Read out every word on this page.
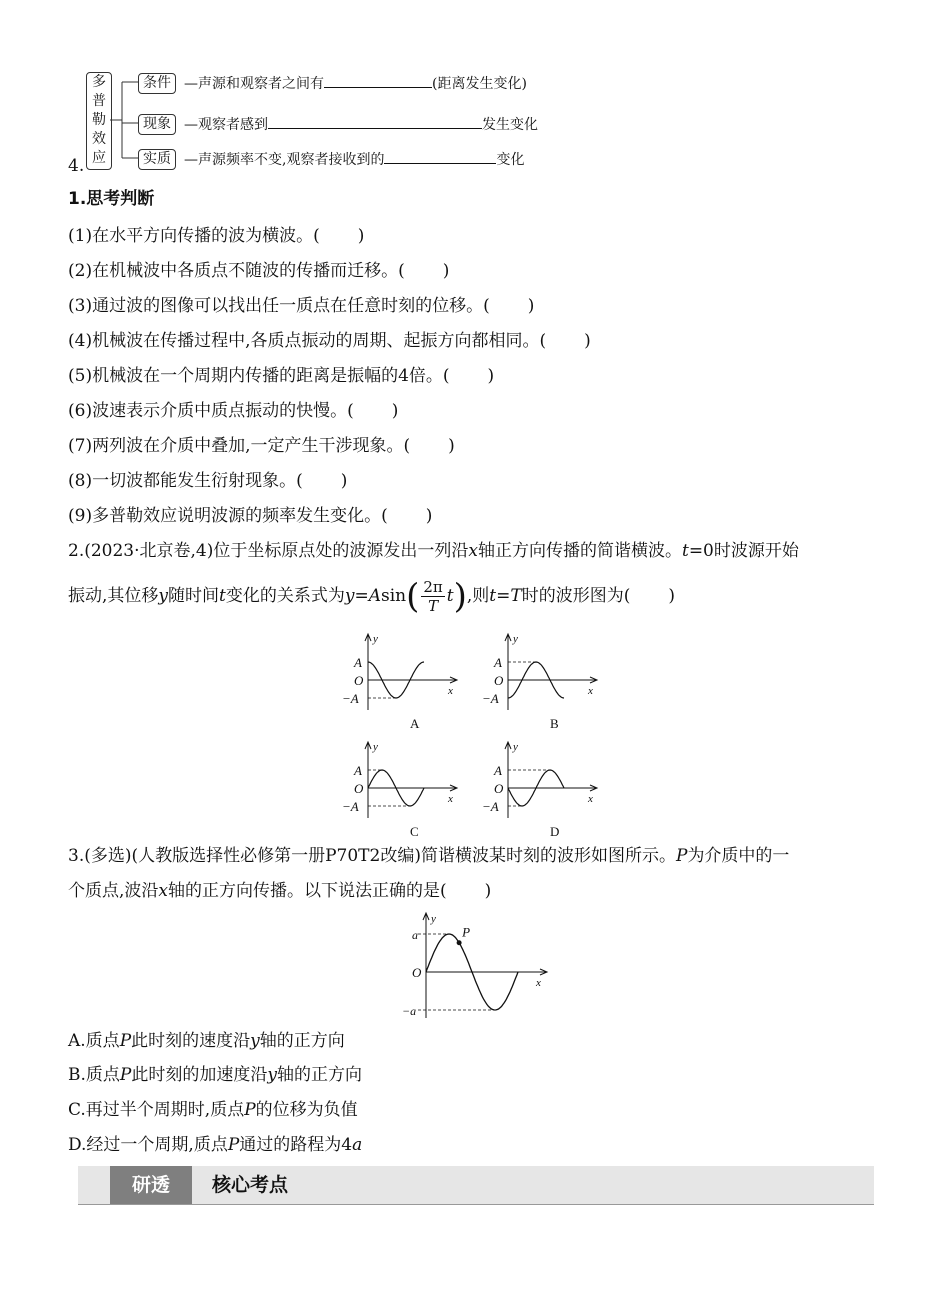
多
普
勒
效
应
4.
条件 —声源和观察者之间有	(距离发生变化)
现象 —观察者感到	发生变化
实质 —声源频率不变,观察者接收到的	变化
1.思考判断
(1)在水平方向传播的波为横波。( )
(2)在机械波中各质点不随波的传播而迁移。( )
(3)通过波的图像可以找出任一质点在任意时刻的位移。( )
(4)机械波在传播过程中,各质点振动的周期、起振方向都相同。( )
(5)机械波在一个周期内传播的距离是振幅的4倍。( )
(6)波速表示介质中质点振动的快慢。( )
(7)两列波在介质中叠加,一定产生干涉现象。( )
(8)一切波都能发生衍射现象。( )
(9)多普勒效应说明波源的频率发生变化。( )
2.(2023·北京卷,4)位于坐标原点处的波源发出一列沿x轴正方向传播的简谐横波。t=0时波源开始
振动,其位移y随时间t变化的关系式为$y=Asin( \frac{2\pi}{T} t)$,则t=T时的波形图为( )
y
x
A
O
−A
A
y
x
A
O
−A
B
y
x
A
O
−A
C
y
x
A
O
−A
D
3.(多选)(人教版选择性必修第一册P70T2改编)简谐横波某时刻的波形如图所示。P为介质中的一
个质点,波沿x轴的正方向传播。以下说法正确的是( )
P
y
x
a
O
−a
A.质点P此时刻的速度沿y轴的正方向
B.质点P此时刻的加速度沿y轴的正方向
C.再过半个周期时,质点P的位移为负值
D.经过一个周期,质点P通过的路程为4a
研透	核心考点
